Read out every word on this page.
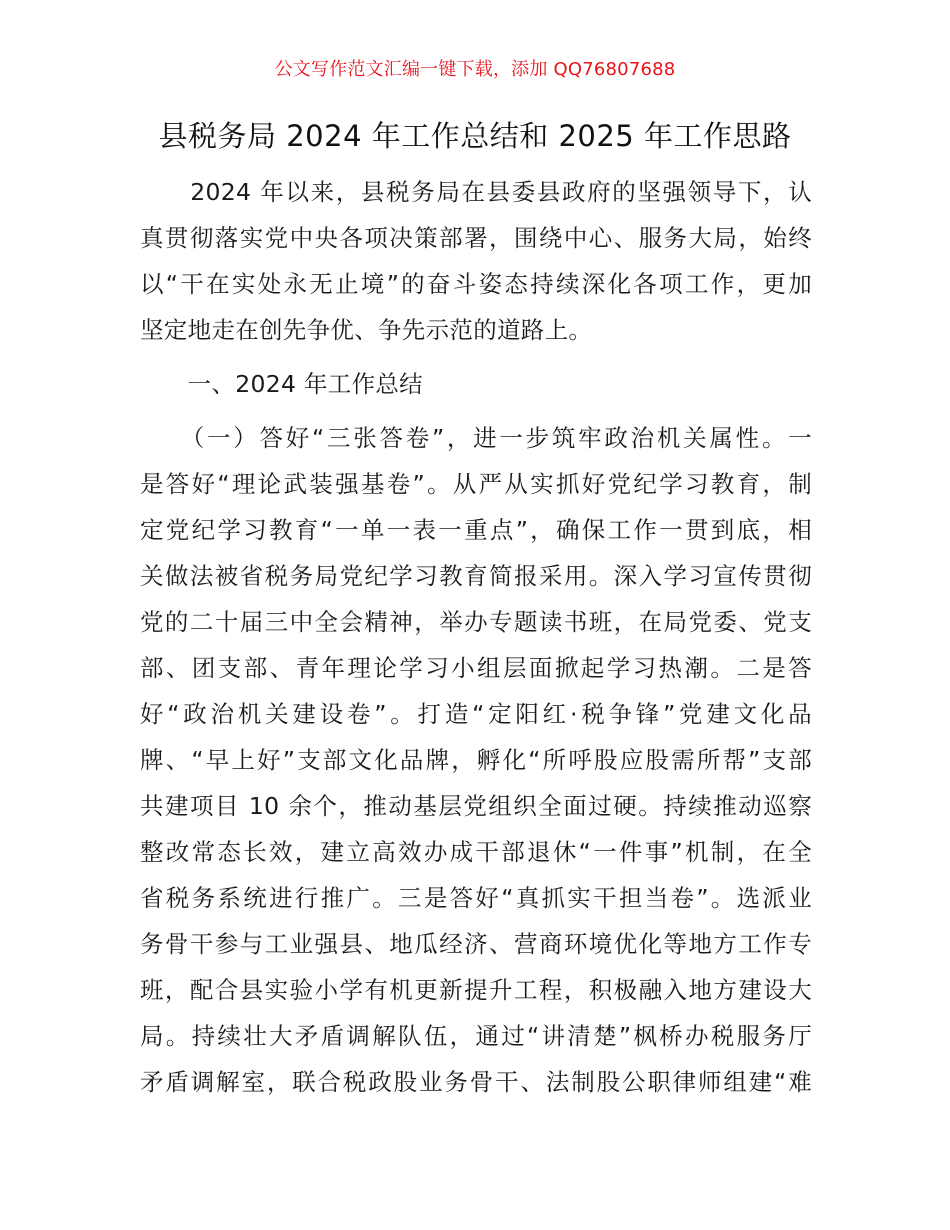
公文写作范文汇编一键下载，添加 QQ76807688
县税务局 2024 年工作总结和 2025 年工作思路
　　2024 年以来，县税务局在县委县政府的坚强领导下，认
真贯彻落实党中央各项决策部署，围绕中心、服务大局，始终
以“干在实处永无止境”的奋斗姿态持续深化各项工作，更加
坚定地走在创先争优、争先示范的道路上。
　　一、2024 年工作总结
　　（一）答好“三张答卷”，进一步筑牢政治机关属性。一
是答好“理论武装强基卷”。从严从实抓好党纪学习教育，制
定党纪学习教育“一单一表一重点”，确保工作一贯到底，相
关做法被省税务局党纪学习教育简报采用。深入学习宣传贯彻
党的二十届三中全会精神，举办专题读书班，在局党委、党支
部、团支部、青年理论学习小组层面掀起学习热潮。二是答
好“政治机关建设卷”。打造“定阳红·税争锋”党建文化品
牌、“早上好”支部文化品牌，孵化“所呼股应股需所帮”支部
共建项目 10 余个，推动基层党组织全面过硬。持续推动巡察
整改常态长效，建立高效办成干部退休“一件事”机制，在全
省税务系统进行推广。三是答好“真抓实干担当卷”。选派业
务骨干参与工业强县、地瓜经济、营商环境优化等地方工作专
班，配合县实验小学有机更新提升工程，积极融入地方建设大
局。持续壮大矛盾调解队伍，通过“讲清楚”枫桥办税服务厅
矛盾调解室，联合税政股业务骨干、法制股公职律师组建“难
